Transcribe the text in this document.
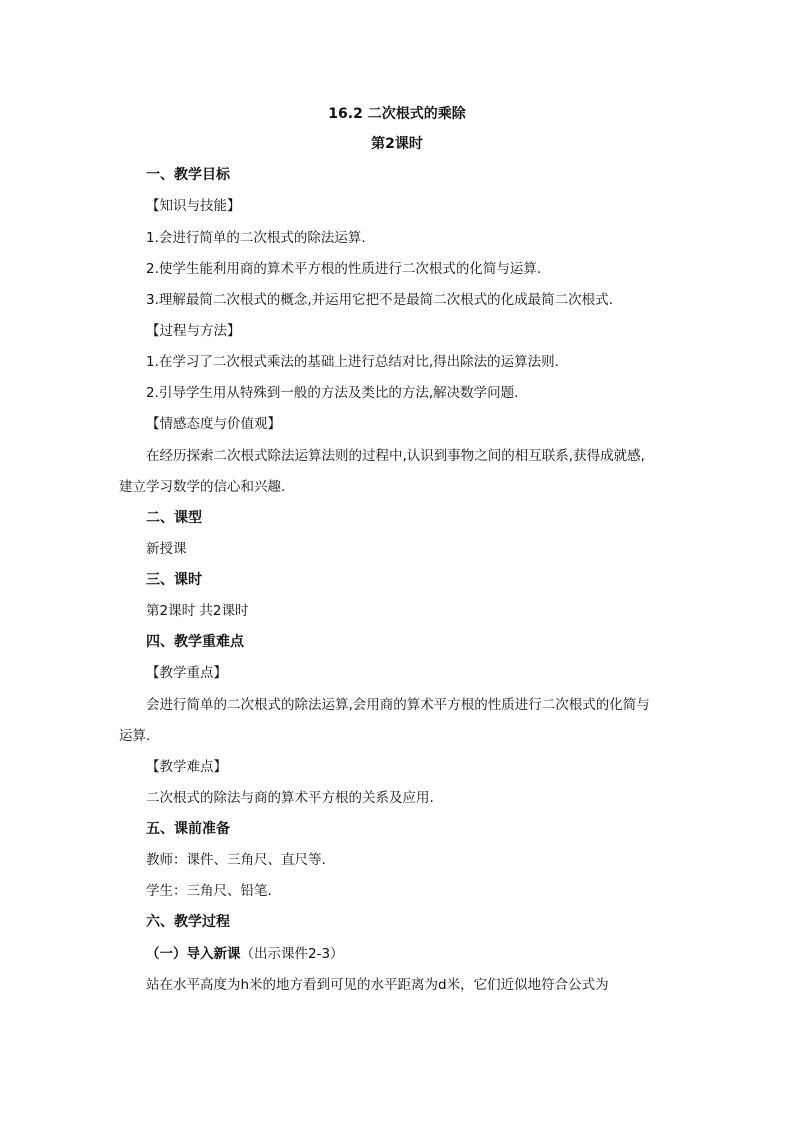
16.2 二次根式的乘除
第2课时
一、教学目标
【知识与技能】
1.会进行简单的二次根式的除法运算.
2.使学生能利用商的算术平方根的性质进行二次根式的化简与运算.
3.理解最简二次根式的概念,并运用它把不是最简二次根式的化成最简二次根式.
【过程与方法】
1.在学习了二次根式乘法的基础上进行总结对比,得出除法的运算法则.
2.引导学生用从特殊到一般的方法及类比的方法,解决数学问题.
【情感态度与价值观】
在经历探索二次根式除法运算法则的过程中,认识到事物之间的相互联系,获得成就感,
建立学习数学的信心和兴趣.
二、课型
新授课
三、课时
第2课时 共2课时
四、教学重难点
【教学重点】
会进行简单的二次根式的除法运算,会用商的算术平方根的性质进行二次根式的化简与
运算.
【教学难点】
二次根式的除法与商的算术平方根的关系及应用.
五、课前准备
教师：课件、三角尺、直尺等.
学生：三角尺、铅笔.
六、教学过程
（一）导入新课（出示课件2-3）
站在水平高度为h米的地方看到可见的水平距离为d米，它们近似地符合公式为
